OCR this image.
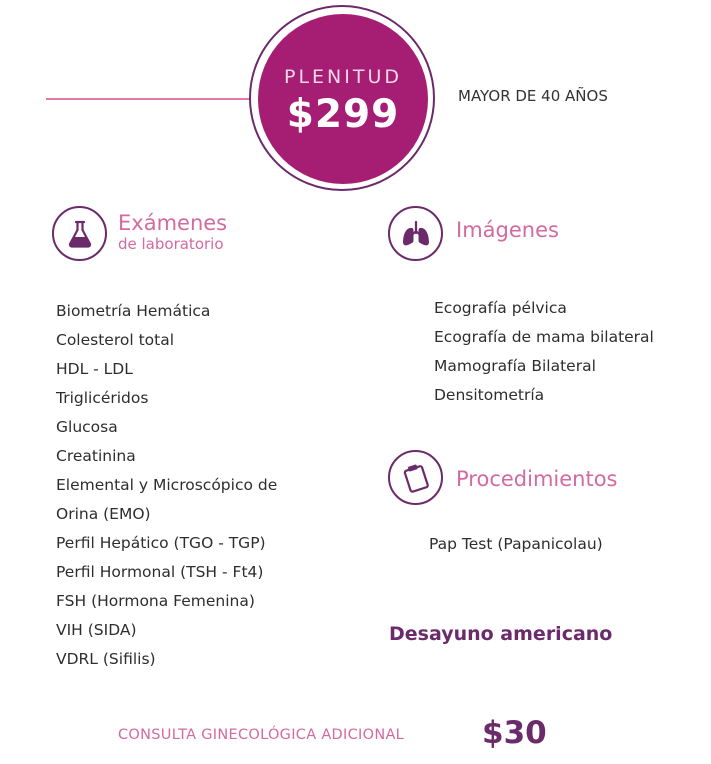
PLENITUD
$299	MAYOR DE 40 AÑOS
Exámenes
de laboratorio
Biometría Hemática
Colesterol total
HDL - LDL
Triglicéridos
Glucosa
Creatinina
Elemental y Microscópico de
Orina (EMO)
Perfil Hepático (TGO - TGP)
Perfil Hormonal (TSH - Ft4)
FSH (Hormona Femenina)
VIH (SIDA)
VDRL (Sifilis)
Imágenes
Ecografía pélvica
Ecografía de mama bilateral
Mamografía Bilateral
Densitometría
Procedimientos
Pap Test (Papanicolau)
Desayuno americano
CONSULTA GINECOLÓGICA ADICIONAL	$30
